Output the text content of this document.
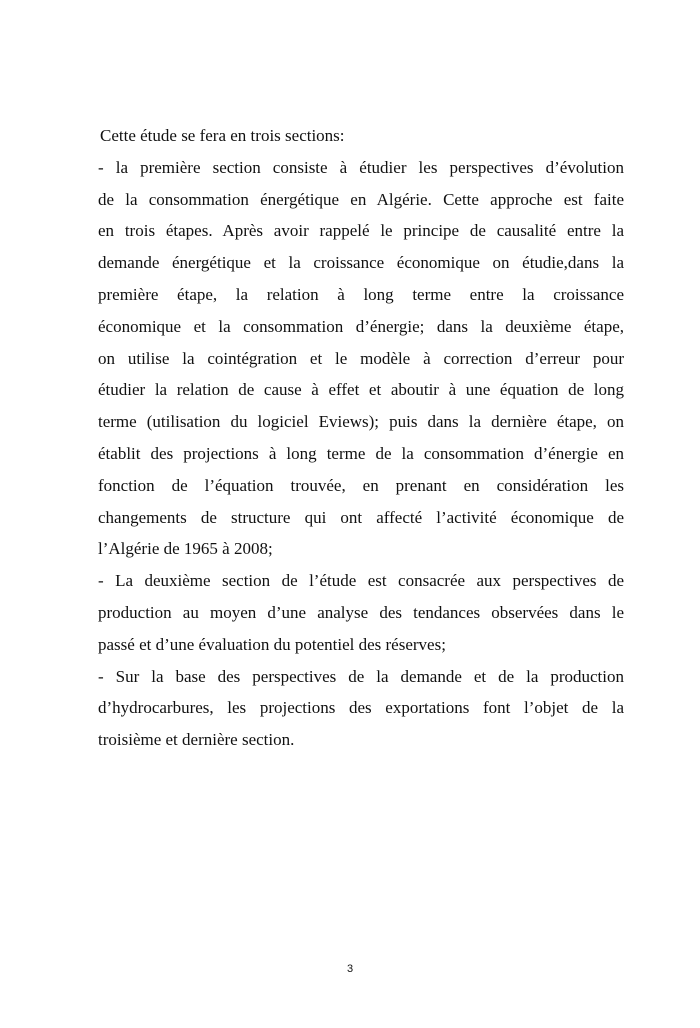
Cette étude se fera en trois sections:
- la première section consiste à étudier les perspectives d’évolution
de la consommation énergétique en Algérie. Cette approche est faite
en trois étapes. Après avoir rappelé le principe de causalité entre la
demande énergétique et la croissance économique on étudie,dans la
première étape, la relation à long terme entre la croissance
économique et la consommation d’énergie; dans la deuxième étape,
on utilise la cointégration et le modèle à correction d’erreur pour
étudier la relation de cause à effet et aboutir à une équation de long
terme (utilisation du logiciel Eviews); puis dans la dernière étape, on
établit des projections à long terme de la consommation d’énergie en
fonction de l’équation trouvée, en prenant en considération les
changements de structure qui ont affecté l’activité économique de
l’Algérie de 1965 à 2008;
- La deuxième section de l’étude est consacrée aux perspectives de
production au moyen d’une analyse des tendances observées dans le
passé et d’une évaluation du potentiel des réserves;
- Sur la base des perspectives de la demande et de la production
d’hydrocarbures, les projections des exportations font l’objet de la
troisième et dernière section.
3
